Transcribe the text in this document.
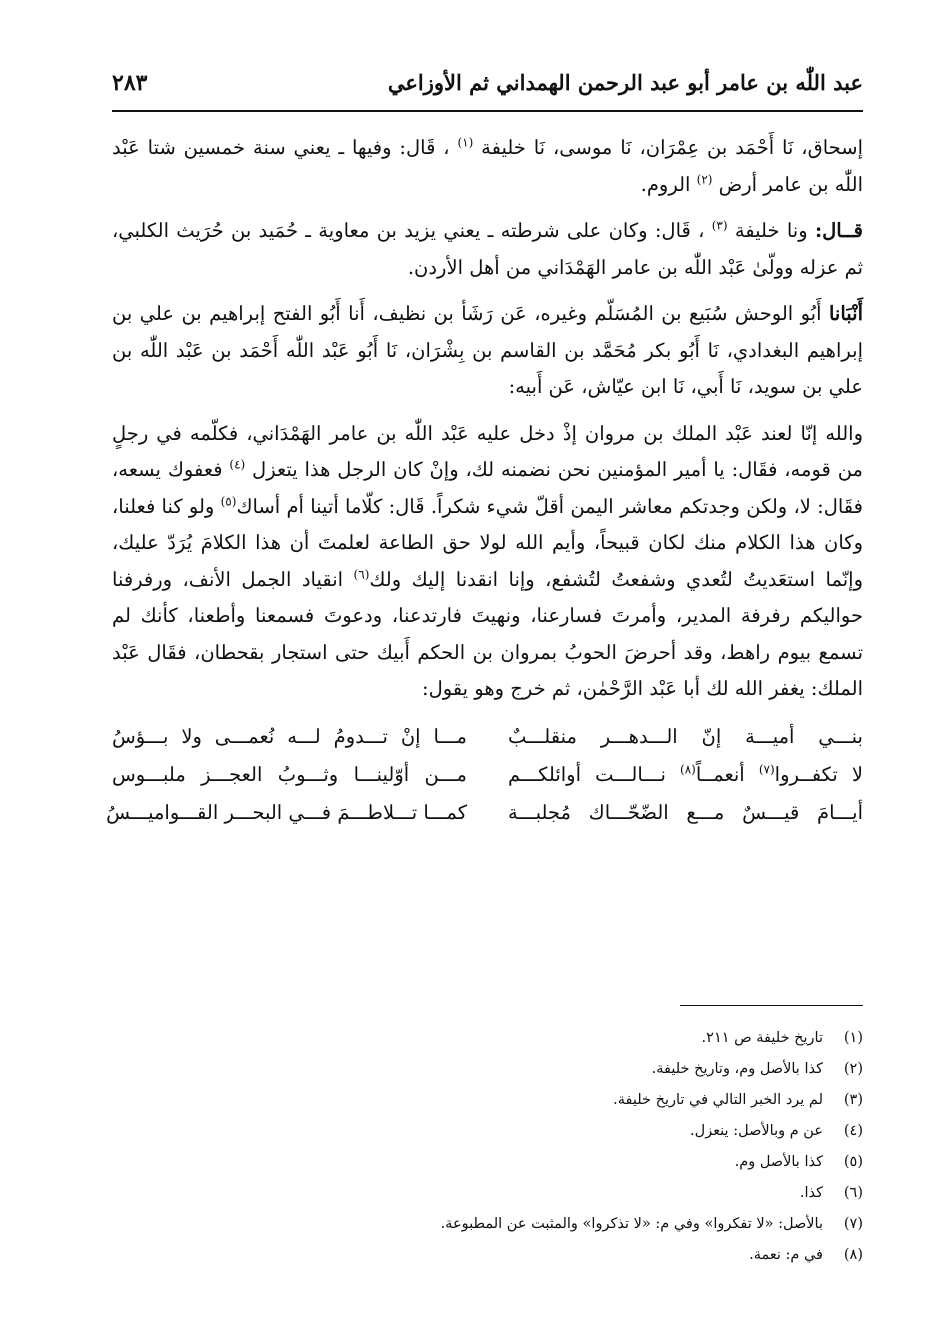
عبد اللّٰه بن عامر أبو عبد الرحمن الهمداني ثم الأوزاعي
٢٨٣

إسحاق، نَا أَحْمَد بن عِمْرَان، نَا موسى، نَا خليفة $^{(١)}$ ، قَال: وفيها ـ يعني سنة خمسين شتا عَبْد اللّٰه بن عامر أرض $^{(٢)}$ الروم.

قــال: ونا خليفة $^{(٣)}$ ، قَال: وكان على شرطته ـ يعني يزيد بن معاوية ـ حُمَيد بن حُرَيث الكلبي، ثم عزله وولّىٰ عَبْد اللّٰه بن عامر الهَمْدَاني من أهل الأردن.

أَنْبَانا أَبُو الوحش سُبَيع بن المُسَلّم وغيره، عَن رَشَأ بن نظيف، أَنا أَبُو الفتح إبراهيم بن علي بن إبراهيم البغدادي، نَا أَبُو بكر مُحَمَّد بن القاسم بن بِشْرَان، نَا أَبُو عَبْد اللّٰه أَحْمَد بن عَبْد اللّٰه بن علي بن سويد، نَا أَبي، نَا ابن عيّاش، عَن أَبيه:

والله إنّا لعند عَبْد الملك بن مروان إذْ دخل عليه عَبْد اللّٰه بن عامر الهَمْدَاني، فكلّمه في رجلٍ من قومه، فقَال: يا أمير المؤمنين نحن نضمنه لك، وإنْ كان الرجل هذا يتعزل $^{(٤)}$ فعفوك يسعه، فقَال: لا، ولكن وجدتكم معاشر اليمن أقلّ شيء شكراً. قَال: كلّاما أتينا أم أساك$^{(٥)}$ ولو كنا فعلنا، وكان هذا الكلام منك لكان قبيحاً، وأيم الله لولا حق الطاعة لعلمتَ أن هذا الكلامَ يُرَدّ عليك، وإنّما استعَديتُ لتُعدي وشفعتُ لتُشفع، وإنا انقدنا إليك ولك$^{(٦)}$ انقياد الجمل الأنف، ورفرفنا حواليكم رفرفة المدير، وأمرتَ فسارعنا، ونهيتَ فارتدعنا، ودعوتَ فسمعنا وأطعنا، كأنك لم تسمع بيوم راهط، وقد أحرضَ الحوبُ بمروان بن الحكم أَبيك حتى استجار بقحطان، فقَال عَبْد الملك: يغفر الله لك أبا عَبْد الرَّحْمٰن، ثم خرج وهو يقول:

بنـــي أميـــة إنّ الـــدهـــر منقلـــبٌ
مـــا إنْ تـــدومُ لـــه نُعمـــى ولا بـــؤسُ
لا تكفــروا$^{(٧)}$ أنعمــاً$^{(٨)}$ نـــالـــت أوائلكـــم
مـــن أوّلينـــا وثـــوبُ العجـــز ملبـــوس
أيـــامَ قيـــسٌ مـــع الضّحّـــاك مُجلبـــة
كمـــا تـــلاطـــمَ فـــي البحـــر القـــواميـــسُ
(١)تاريخ خليفة ص ٢١١.
(٢)كذا بالأصل وم، وتاريخ خليفة.
(٣)لم يرد الخبر التالي في تاريخ خليفة.
(٤)عن م وبالأصل: ينعزل.
(٥)كذا بالأصل وم.
(٦)كذا.
(٧)بالأصل: «لا تفكروا» وفي م: «لا تذكروا» والمثبت عن المطبوعة.
(٨)في م: نعمة.
